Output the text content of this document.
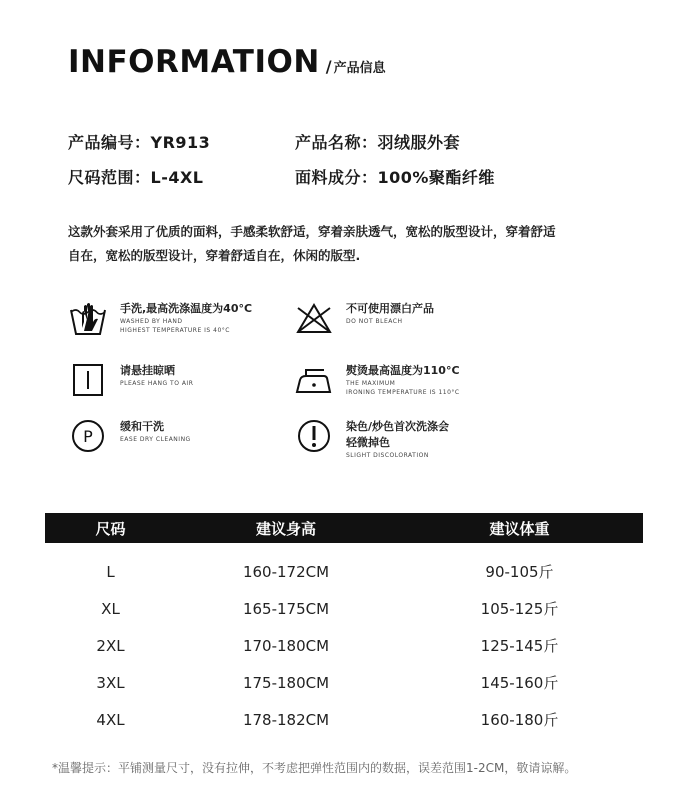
INFORMATION / 产品信息
产品编号：YR913	产品名称：羽绒服外套
尺码范围：L-4XL	面料成分：100%聚酯纤维
这款外套采用了优质的面料，手感柔软舒适，穿着亲肤透气，宽松的版型设计，穿着舒适
自在，宽松的版型设计，穿着舒适自在，休闲的版型.
手洗,最高洗涤温度为40°C
WASHED BY HAND
HIGHEST TEMPERATURE IS 40°C
不可使用漂白产品
DO NOT BLEACH
请悬挂晾晒
PLEASE HANG TO AIR
熨烫最高温度为110°C
THE MAXIMUM
IRONING TEMPERATURE IS 110°C
P
缓和干洗
EASE DRY CLEANING
染色/炒色首次洗涤会
轻微掉色
SLIGHT DISCOLORATION
尺码	建议身高	建议体重
L	160-172CM	90-105斤
XL	165-175CM	105-125斤
2XL	170-180CM	125-145斤
3XL	175-180CM	145-160斤
4XL	178-182CM	160-180斤
*温馨提示：平铺测量尺寸，没有拉伸，不考虑把弹性范围内的数据，误差范围1-2CM，敬请谅解。
